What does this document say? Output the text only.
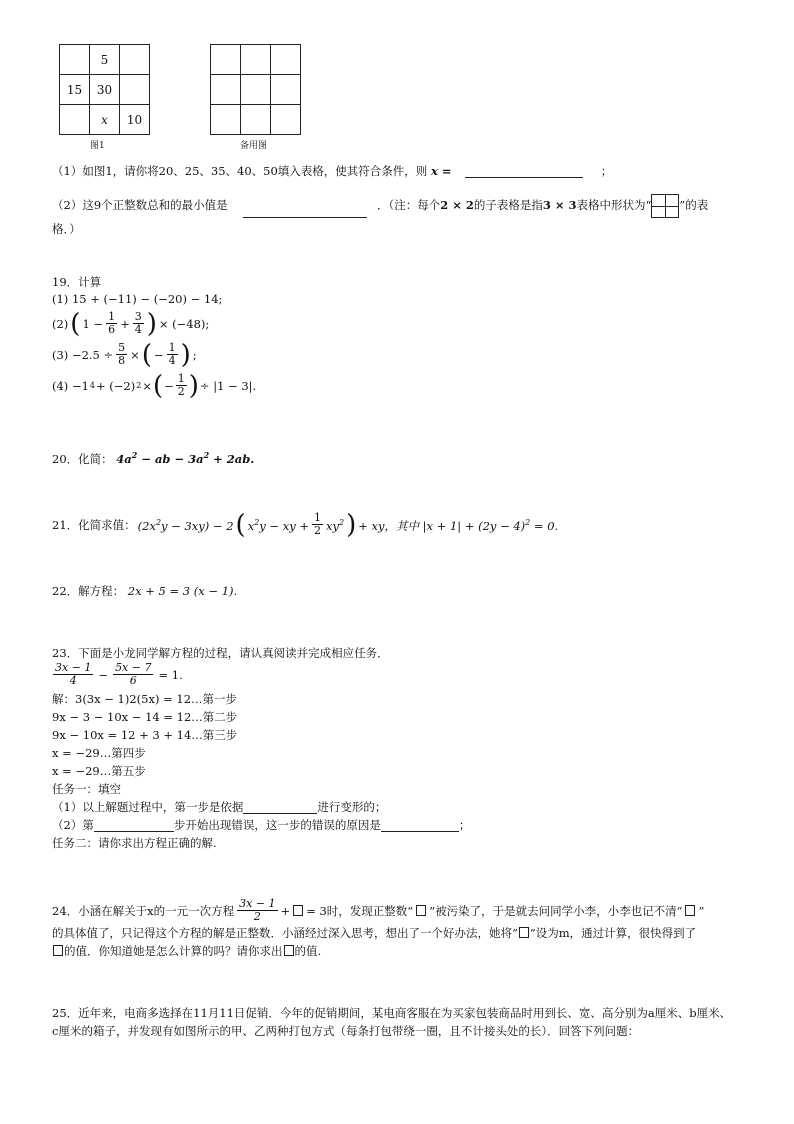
	5	
15	30	
	x	10
图1

			备用图
（1）如图1，请你将20、25、35、40、50填入表格，使其符合条件，则 x =	；
（2）这9个正整数总和的最小值是	．（注：每个2 × 2的子表格是指3 × 3表格中形状为“ ”的表
格．）
19．计算
(1) 15 + (−11) − (−20) − 14;
(2) ( $1 - \frac{1}{6} + \frac{3}{4}$ ) × (−48);
$(3) -2.5 \div \frac{5}{8}$ × ( − $\frac{1}{4}$ ) ;
(4) −1 4 + (−2) 2 × ( − $\frac{1}{2}$ ) ÷ |1 − 3|.
20．化简： $4a^2$ − ab − $3a^2 + 2ab$.
21．化简求值： $(2x^2y - 3xy) - 2$ ( $x^2y$ − xy + $\frac{1}{2} xy^2$ ) + xy，其中 $|x + 1| + (2y - 4)^2 = 0$.
22．解方程： 2x + 5 = 3 (x − 1).
23．下面是小龙同学解方程的过程，请认真阅读并完成相应任务．
$\frac{3x - 1}{4} - \frac{5x - 7}{6} = 1$.
解：3(3x − 1)2(5x) = 12…第一步
9x − 3 − 10x − 14 = 12…第二步
9x − 10x = 12 + 3 + 14…第三步
x = −29…第四步
x = −29…第五步
任务一：填空
（1）以上解题过程中，第一步是依据	进行变形的；
（2）第	步开始出现错误，这一步的错误的原因是	；
任务二：请你求出方程正确的解.
24．小涵在解关于x的一元一次方程 $\frac{3x - 1}{2}$ + = 3时，发现正整数“ ”被污染了，于是就去问同学小李，小李也记不清“ ”
的具体值了，只记得这个方程的解是正整数．小涵经过深入思考，想出了一个好办法，她将“ ”设为m，通过计算，很快得到了
的值．你知道她是怎么计算的吗？请你求出 的值.
25．近年来，电商多选择在11月11日促销．今年的促销期间，某电商客服在为买家包装商品时用到长、宽、高分别为a厘米、b厘米、
c厘米的箱子，并发现有如图所示的甲、乙两种打包方式（每条打包带绕一圈，且不计接头处的长）．回答下列问题：
